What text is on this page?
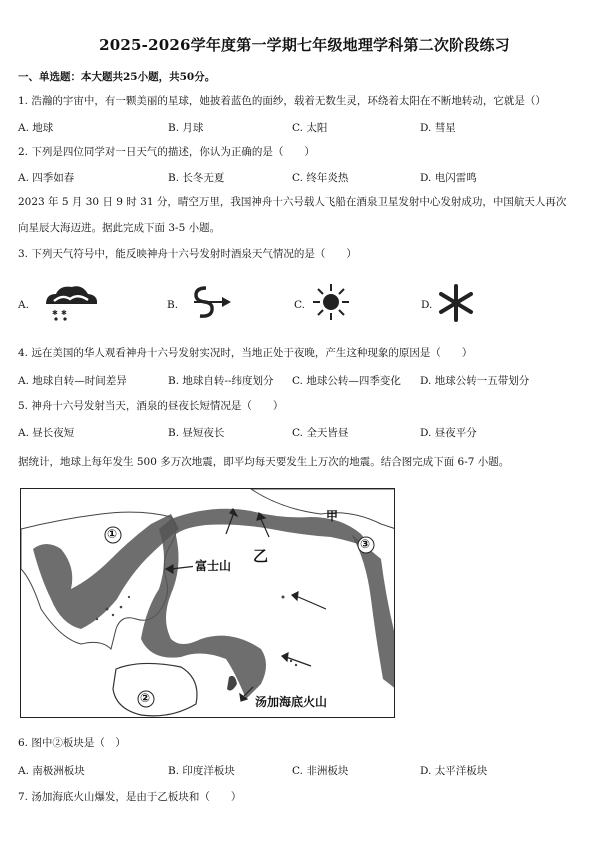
2025-2026学年度第一学期七年级地理学科第二次阶段练习
一、单选题：本大题共25小题，共50分。
1. 浩瀚的宇宙中，有一颗美丽的星球，她披着蓝色的面纱，载着无数生灵，环绕着太阳在不断地转动，它就是（）
A. 地球	B. 月球	C. 太阳	D. 彗星
2. 下列是四位同学对一日天气的描述，你认为正确的是（　　）
A. 四季如春	B. 长冬无夏	C. 终年炎热	D. 电闪雷鸣
2023 年 5 月 30 日 9 时 31 分，晴空万里，我国神舟十六号载人飞船在酒泉卫星发射中心发射成功，中国航天人再次
向星辰大海迈进。据此完成下面 3-5 小题。
3. 下列天气符号中，能反映神舟十六号发射时酒泉天气情况的是（　　）
A.
✱ ✱
B.	C.	D.
4. 远在美国的华人观看神舟十六号发射实况时，当地正处于夜晚，产生这种现象的原因是（　　）
A. 地球自转—时间差异	B. 地球自转--纬度划分 C. 地球公转—四季变化 D. 地球公转一五带划分
5. 神舟十六号发射当天，酒泉的昼夜长短情况是（　　）
A. 昼长夜短	B. 昼短夜长	C. 全天皆昼	D. 昼夜平分
据统计，地球上每年发生 500 多万次地震，即平均每天要发生上万次的地震。结合图完成下面 6-7 小题。
①
②
③
甲
乙
富士山
汤加海底火山
6. 图中②板块是（　）
A. 南极洲板块	B. 印度洋板块	C. 非洲板块	D. 太平洋板块
7. 汤加海底火山爆发，是由于乙板块和（　　）
